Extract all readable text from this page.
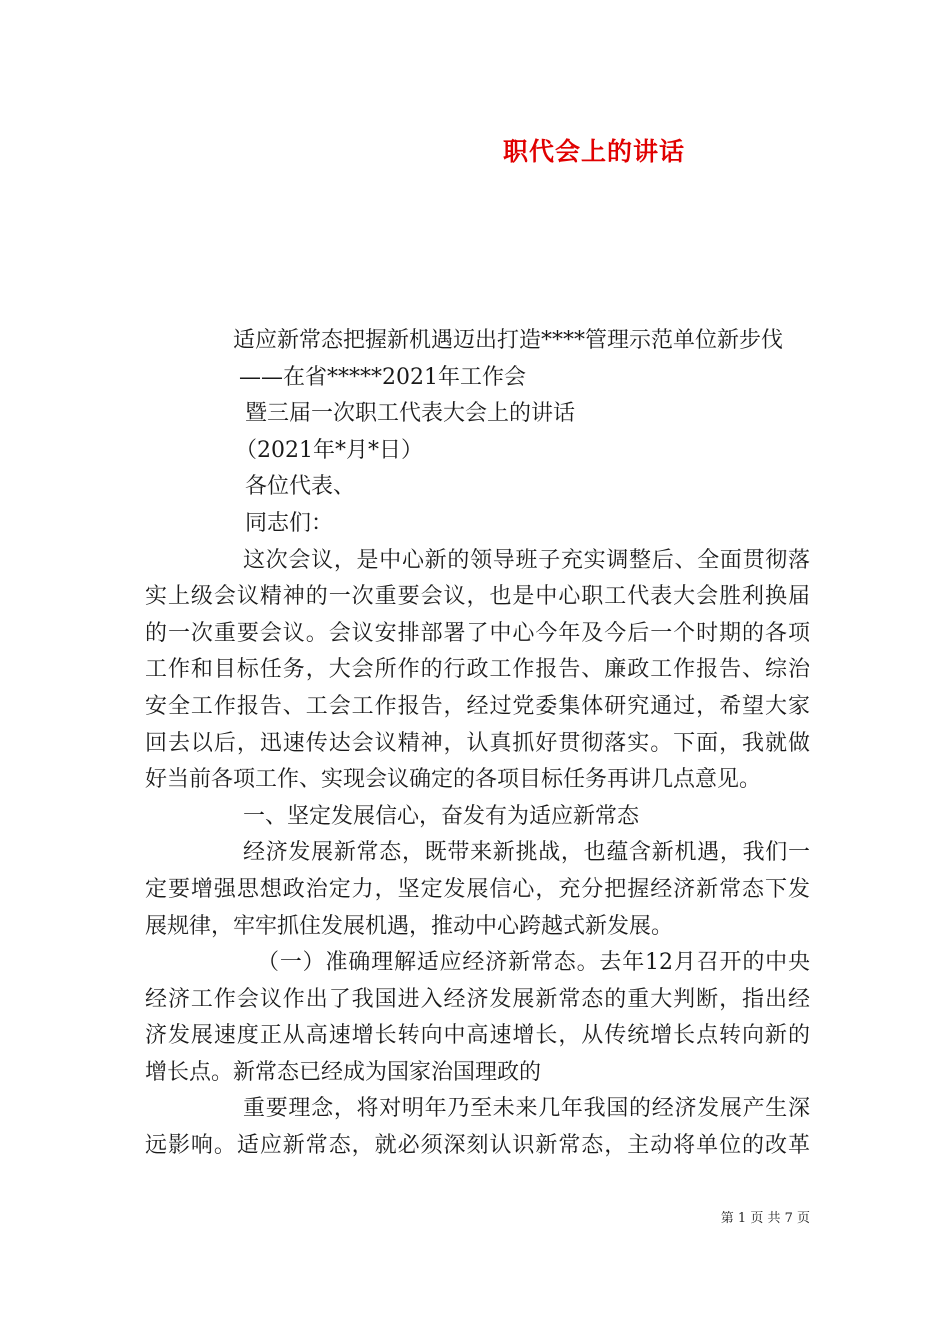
职代会上的讲话
适应新常态把握新机遇迈出打造****管理示范单位新步伐
——在省*****2021年工作会
暨三届一次职工代表大会上的讲话
（2021年*月*日）
各位代表、
同志们：
这次会议，是中心新的领导班子充实调整后、全面贯彻落
实上级会议精神的一次重要会议，也是中心职工代表大会胜利换届
的一次重要会议。会议安排部署了中心今年及今后一个时期的各项
工作和目标任务，大会所作的行政工作报告、廉政工作报告、综治
安全工作报告、工会工作报告，经过党委集体研究通过，希望大家
回去以后，迅速传达会议精神，认真抓好贯彻落实。下面，我就做
好当前各项工作、实现会议确定的各项目标任务再讲几点意见。
一、坚定发展信心，奋发有为适应新常态
经济发展新常态，既带来新挑战，也蕴含新机遇，我们一
定要增强思想政治定力，坚定发展信心，充分把握经济新常态下发
展规律，牢牢抓住发展机遇，推动中心跨越式新发展。
（一）准确理解适应经济新常态。去年12月召开的中央
经济工作会议作出了我国进入经济发展新常态的重大判断，指出经
济发展速度正从高速增长转向中高速增长，从传统增长点转向新的
增长点。新常态已经成为国家治国理政的
重要理念，将对明年乃至未来几年我国的经济发展产生深
远影响。适应新常态，就必须深刻认识新常态，主动将单位的改革
第 1 页 共 7 页
